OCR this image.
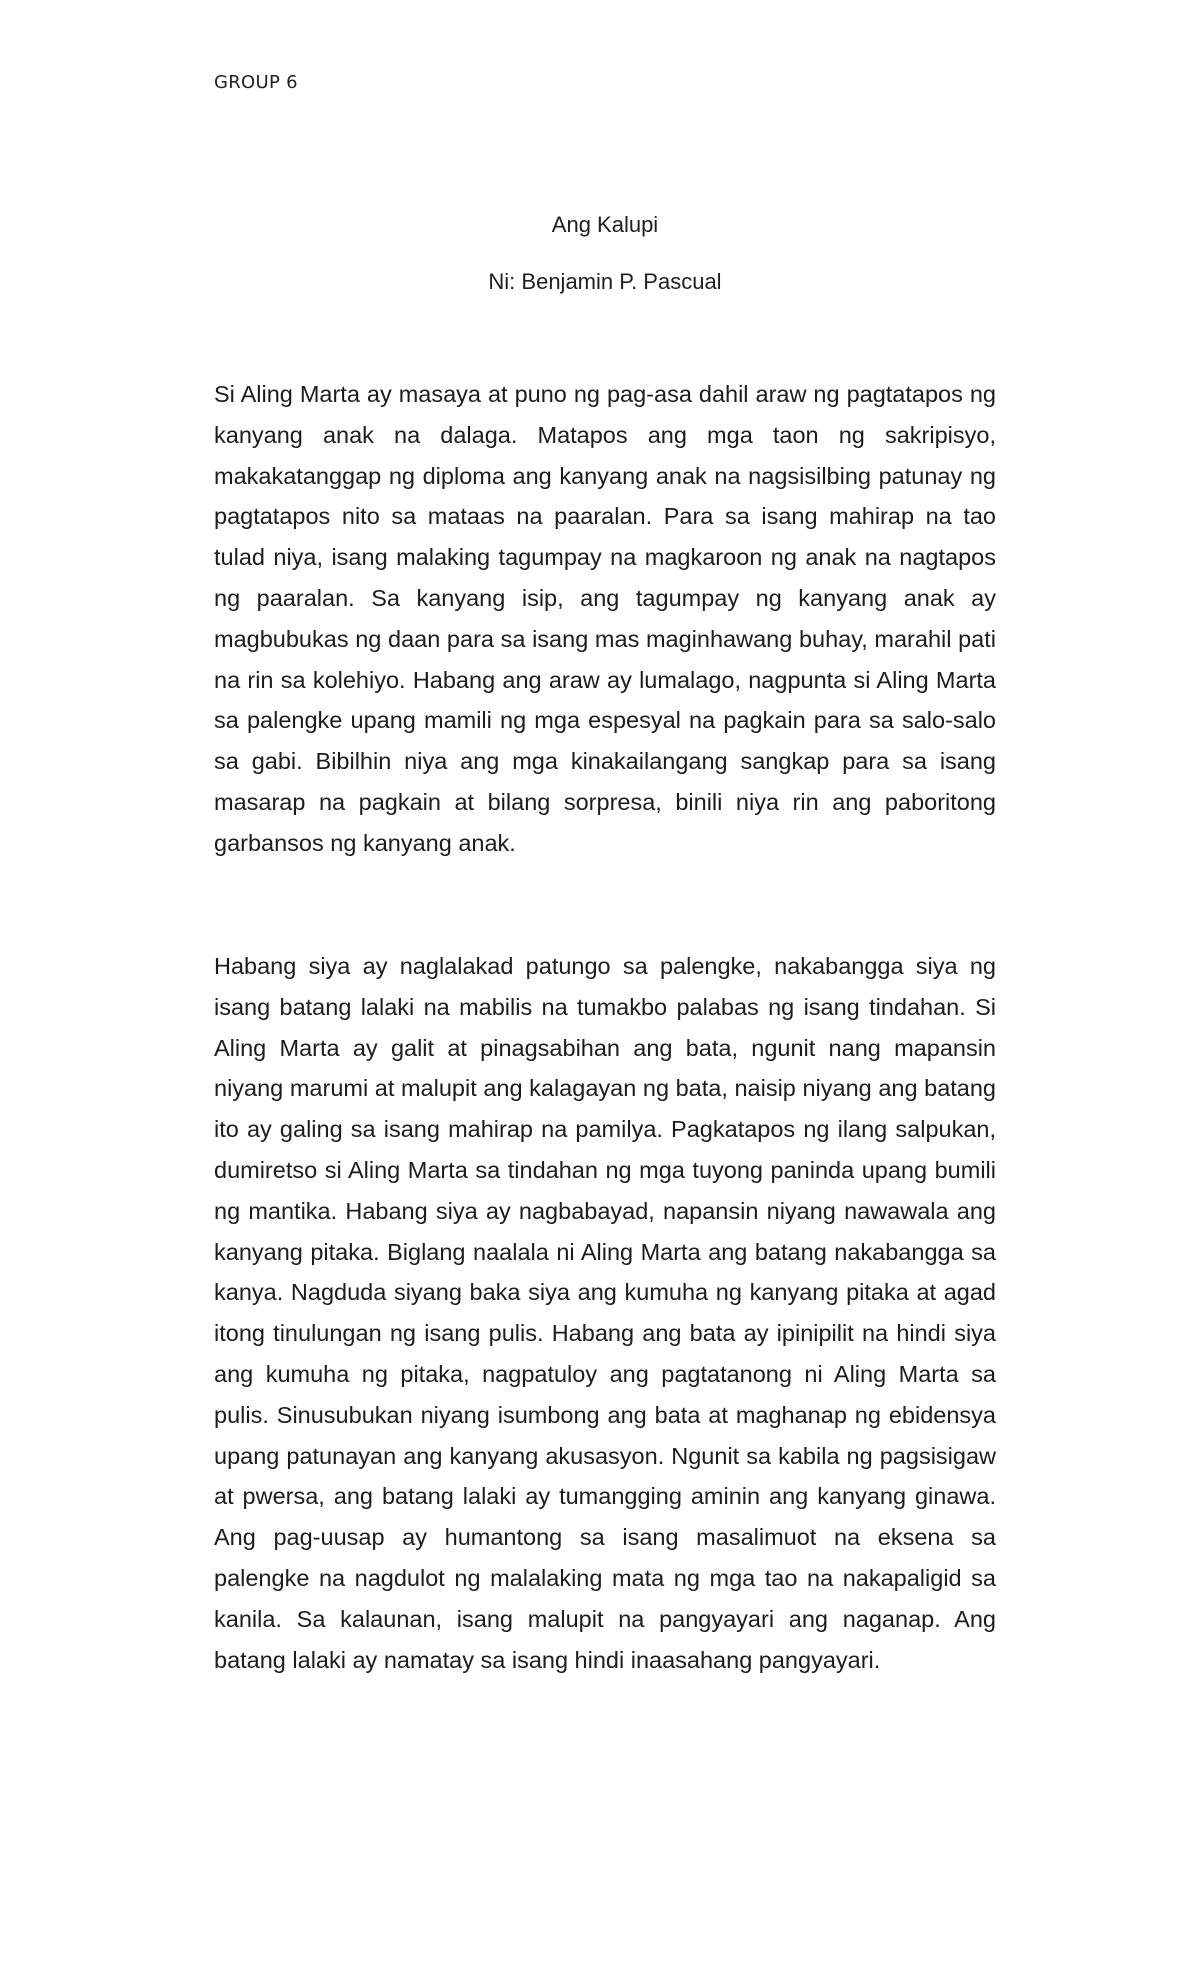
GROUP 6
Ang Kalupi
Ni: Benjamin P. Pascual

Si Aling Marta ay masaya at puno ng pag-asa dahil araw ng pagtatapos ng kanyang anak na dalaga. Matapos ang mga taon ng sakripisyo, makakatanggap ng diploma ang kanyang anak na nagsisilbing patunay ng pagtatapos nito sa mataas na paaralan. Para sa isang mahirap na tao tulad niya, isang malaking tagumpay na magkaroon ng anak na nagtapos ng paaralan. Sa kanyang isip, ang tagumpay ng kanyang anak ay magbubukas ng daan para sa isang mas maginhawang buhay, marahil pati na rin sa kolehiyo. Habang ang araw ay lumalago, nagpunta si Aling Marta sa palengke upang mamili ng mga espesyal na pagkain para sa salo-salo sa gabi. Bibilhin niya ang mga kinakailangang sangkap para sa isang masarap na pagkain at bilang sorpresa, binili niya rin ang paboritong garbansos ng kanyang anak.

Habang siya ay naglalakad patungo sa palengke, nakabangga siya ng isang batang lalaki na mabilis na tumakbo palabas ng isang tindahan. Si Aling Marta ay galit at pinagsabihan ang bata, ngunit nang mapansin niyang marumi at malupit ang kalagayan ng bata, naisip niyang ang batang ito ay galing sa isang mahirap na pamilya. Pagkatapos ng ilang salpukan, dumiretso si Aling Marta sa tindahan ng mga tuyong paninda upang bumili ng mantika. Habang siya ay nagbabayad, napansin niyang nawawala ang kanyang pitaka. Biglang naalala ni Aling Marta ang batang nakabangga sa kanya. Nagduda siyang baka siya ang kumuha ng kanyang pitaka at agad itong tinulungan ng isang pulis. Habang ang bata ay ipinipilit na hindi siya ang kumuha ng pitaka, nagpatuloy ang pagtatanong ni Aling Marta sa pulis. Sinusubukan niyang isumbong ang bata at maghanap ng ebidensya upang patunayan ang kanyang akusasyon. Ngunit sa kabila ng pagsisigaw at pwersa, ang batang lalaki ay tumangging aminin ang kanyang ginawa. Ang pag-uusap ay humantong sa isang masalimuot na eksena sa palengke na nagdulot ng malalaking mata ng mga tao na nakapaligid sa kanila. Sa kalaunan, isang malupit na pangyayari ang naganap. Ang batang lalaki ay namatay sa isang hindi inaasahang pangyayari.
